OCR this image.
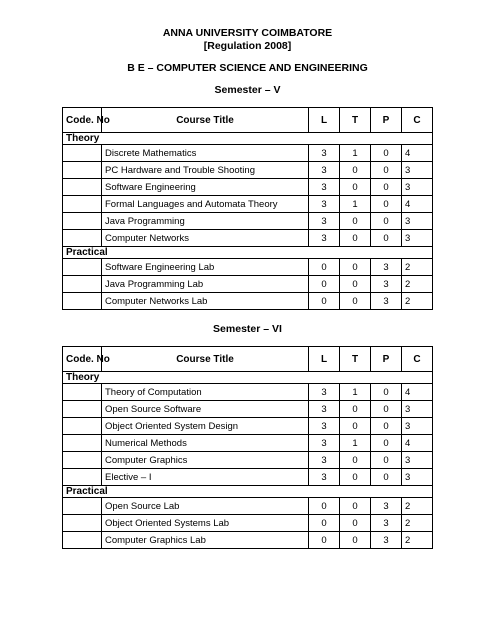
ANNA UNIVERSITY COIMBATORE
[Regulation 2008]
B E – COMPUTER SCIENCE AND ENGINEERING
Semester – V
Code. No	Course Title	L	T	P	C
Theory					
	Discrete Mathematics	3	1	0	4
	PC Hardware and Trouble Shooting	3	0	0	3
	Software Engineering	3	0	0	3
	Formal Languages and Automata Theory	3	1	0	4
	Java Programming	3	0	0	3
	Computer Networks	3	0	0	3
Practical					
	Software Engineering Lab	0	0	3	2
	Java Programming Lab	0	0	3	2
	Computer Networks Lab	0	0	3	2
Semester – VI
Code. No	Course Title	L	T	P	C
Theory					
	Theory of Computation	3	1	0	4
	Open Source Software	3	0	0	3
	Object Oriented System Design	3	0	0	3
	Numerical Methods	3	1	0	4
	Computer Graphics	3	0	0	3
	Elective – I	3	0	0	3
Practical					
	Open Source Lab	0	0	3	2
	Object Oriented Systems Lab	0	0	3	2
	Computer Graphics Lab	0	0	3	2
